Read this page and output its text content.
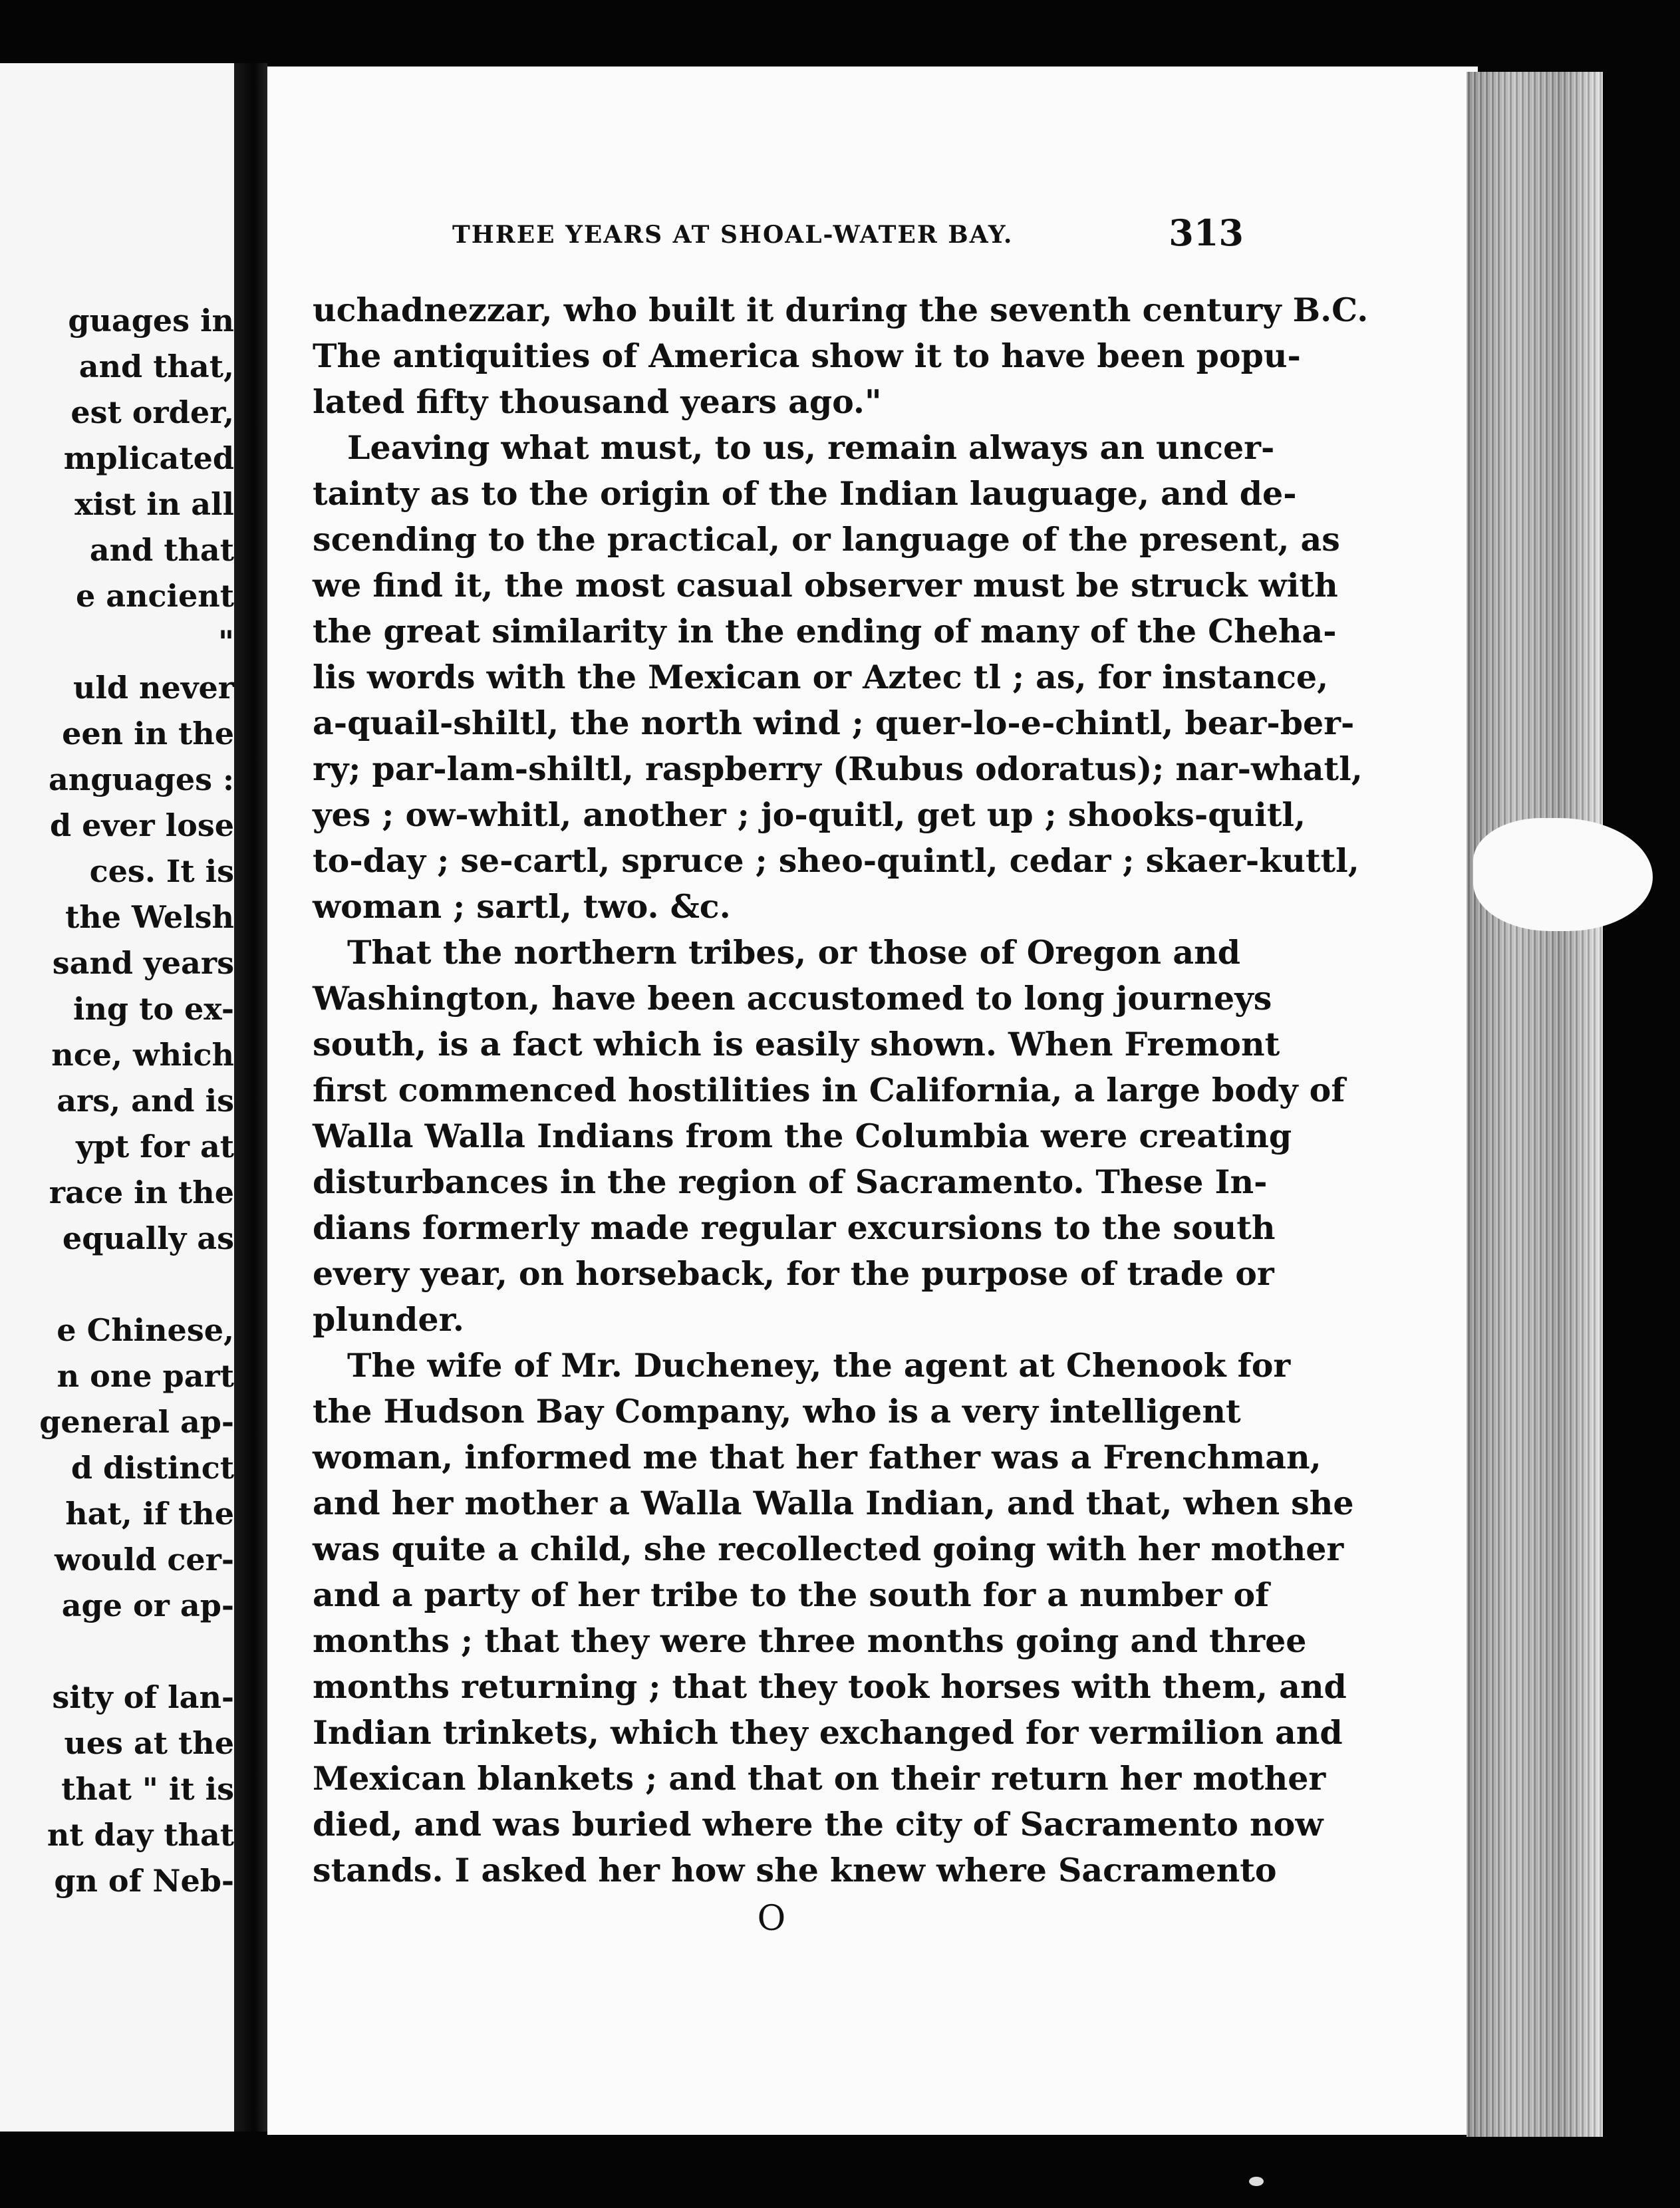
guages in
and that,
est order,
mplicated
xist in all
and that
e ancient
"
uld never
een in the
anguages :
d ever lose
ces. It is
the Welsh
sand years
ing to ex-
nce, which
ars, and is
ypt for at
race in the
equally as
e Chinese,
n one part
general ap-
d distinct
hat, if the
would cer-
age or ap-
sity of lan-
ues at the
that " it is
nt day that
gn of Neb-
THREE YEARS AT SHOAL-WATER BAY.	313
uchadnezzar, who built it during the seventh century B.C.
The antiquities of America show it to have been popu-
lated fifty thousand years ago."
Leaving what must, to us, remain always an uncer-
tainty as to the origin of the Indian lauguage, and de-
scending to the practical, or language of the present, as
we find it, the most casual observer must be struck with
the great similarity in the ending of many of the Cheha-
lis words with the Mexican or Aztec tl ; as, for instance,
a-quail-shiltl, the north wind ; quer-lo-e-chintl, bear-ber-
ry; par-lam-shiltl, raspberry (Rubus odoratus); nar-whatl,
yes ; ow-whitl, another ; jo-quitl, get up ; shooks-quitl,
to-day ; se-cartl, spruce ; sheo-quintl, cedar ; skaer-kuttl,
woman ; sartl, two. &c.
That the northern tribes, or those of Oregon and
Washington, have been accustomed to long journeys
south, is a fact which is easily shown. When Fremont
first commenced hostilities in California, a large body of
Walla Walla Indians from the Columbia were creating
disturbances in the region of Sacramento. These In-
dians formerly made regular excursions to the south
every year, on horseback, for the purpose of trade or
plunder.
The wife of Mr. Ducheney, the agent at Chenook for
the Hudson Bay Company, who is a very intelligent
woman, informed me that her father was a Frenchman,
and her mother a Walla Walla Indian, and that, when she
was quite a child, she recollected going with her mother
and a party of her tribe to the south for a number of
months ; that they were three months going and three
months returning ; that they took horses with them, and
Indian trinkets, which they exchanged for vermilion and
Mexican blankets ; and that on their return her mother
died, and was buried where the city of Sacramento now
stands. I asked her how she knew where Sacramento
O
